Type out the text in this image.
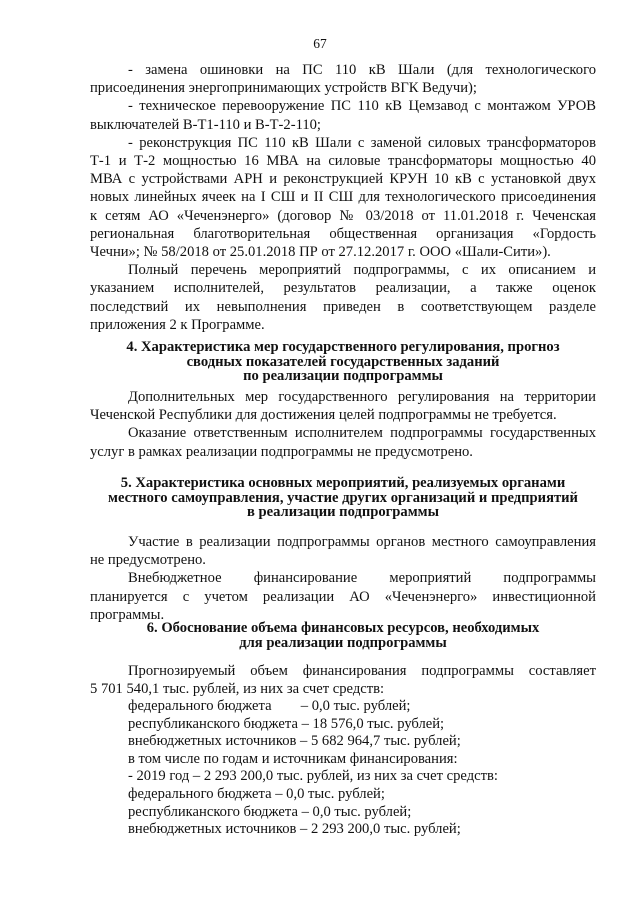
67

- замена ошиновки на ПС 110 кВ Шали (для технологического

присоединения энергопринимающих устройств ВГК Ведучи);

- техническое перевооружение ПС 110 кВ Цемзавод с монтажом УРОВ

выключателей В-Т1-110 и В-Т-2-110;

- реконструкция ПС 110 кВ Шали с заменой силовых трансформаторов

Т-1 и Т-2 мощностью 16 МВА на силовые трансформаторы мощностью 40

МВА с устройствами АРН и реконструкцией КРУН 10 кВ с установкой двух

новых линейных ячеек на I СШ и II СШ для технологического присоединения

к сетям АО «Чеченэнерго» (договор № 03/2018 от 11.01.2018 г. Чеченская

региональная благотворительная общественная организация «Гордость

Чечни»; № 58/2018 от 25.01.2018 ПР от 27.12.2017 г. ООО «Шали-Сити»).

Полный перечень мероприятий подпрограммы, с их описанием и

указанием исполнителей, результатов реализации, а также оценок

последствий их невыполнения приведен в соответствующем разделе

приложения 2 к Программе.

4. Характеристика мер государственного регулирования, прогноз
сводных показателей государственных заданий
по реализации подпрограммы

Дополнительных мер государственного регулирования на территории

Чеченской Республики для достижения целей подпрограммы не требуется.

Оказание ответственным исполнителем подпрограммы государственных

услуг в рамках реализации подпрограммы не предусмотрено.

5. Характеристика основных мероприятий, реализуемых органами
местного самоуправления, участие других организаций и предприятий
в реализации подпрограммы

Участие в реализации подпрограммы органов местного самоуправления

не предусмотрено.

Внебюджетное финансирование мероприятий подпрограммы

планируется с учетом реализации АО «Чеченэнерго» инвестиционной программы.

6. Обоснование объема финансовых ресурсов, необходимых
для реализации подпрограммы

Прогнозируемый объем финансирования подпрограммы составляет

5 701 540,1 тыс. рублей, из них за счет средств:

федерального бюджета        – 0,0 тыс. рублей;

республиканского бюджета – 18 576,0 тыс. рублей;

внебюджетных источников – 5 682 964,7 тыс. рублей;

в том числе по годам и источникам финансирования:

- 2019 год – 2 293 200,0 тыс. рублей, из них за счет средств:

федерального бюджета – 0,0 тыс. рублей;

республиканского бюджета – 0,0 тыс. рублей;

внебюджетных источников – 2 293 200,0 тыс. рублей;
